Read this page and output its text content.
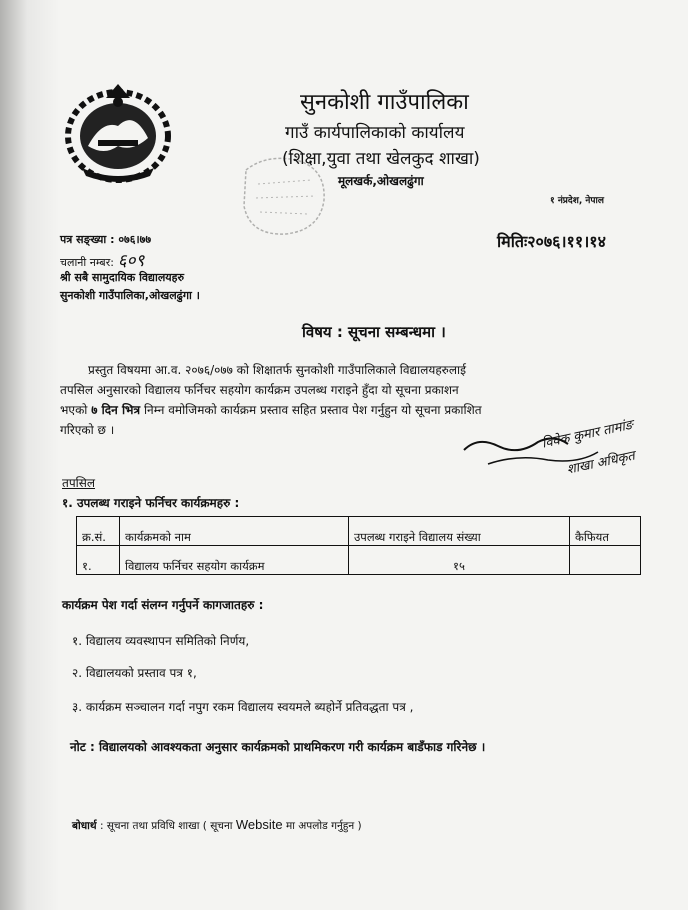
सुनकोशी गाउँपालिका
गाउँ कार्यपालिकाको कार्यालय
(शिक्षा,युवा तथा खेलकुद शाखा)
मूलखर्क,ओखलढुंगा
१ नंप्रदेश, नेपाल
पत्र सङ्ख्या : ०७६।७७
चलानी नम्बर: ६०९
श्री सबै सामुदायिक विद्यालयहरु
सुनकोशी गाउँपालिका,ओखलढुंगा ।
मितिः२०७६।११।१४
विषय : सूचना सम्बन्धमा ।
प्रस्तुत विषयमा आ.व. २०७६/०७७ को शिक्षातर्फ सुनकोशी गाउँपालिकाले विद्यालयहरुलाई
तपसिल अनुसारको विद्यालय फर्निचर सहयोग कार्यक्रम उपलब्ध गराइने हुँदा यो सूचना प्रकाशन
भएको ७ दिन भित्र निम्न वमोजिमको कार्यक्रम प्रस्ताव सहित प्रस्ताव पेश गर्नुहुन यो सूचना प्रकाशित
गरिएको छ ।	विवेक कुमार तामांङ
शाखा अधिकृत
तपसिल
१. उपलब्ध गराइने फर्निचर कार्यक्रमहरु :
क्र.सं.	कार्यक्रमको नाम	उपलब्ध गराइने विद्यालय संख्या	कैफियत
१.	विद्यालय फर्निचर सहयोग कार्यक्रम	१५	
कार्यक्रम पेश गर्दा संलग्न गर्नुपर्ने कागजातहरु :
१. विद्यालय व्यवस्थापन समितिको निर्णय,
२. विद्यालयको प्रस्ताव पत्र १,
३. कार्यक्रम सञ्चालन गर्दा नपुग रकम विद्यालय स्वयमले ब्यहोर्ने प्रतिवद्धता पत्र ,
नोट : विद्यालयको आवश्यकता अनुसार कार्यक्रमको प्राथमिकरण गरी कार्यक्रम बाडँफाड गरिनेछ ।
बोधार्थ : सूचना तथा प्रविधि शाखा ( सूचना Website मा अपलोड गर्नुहुन )
